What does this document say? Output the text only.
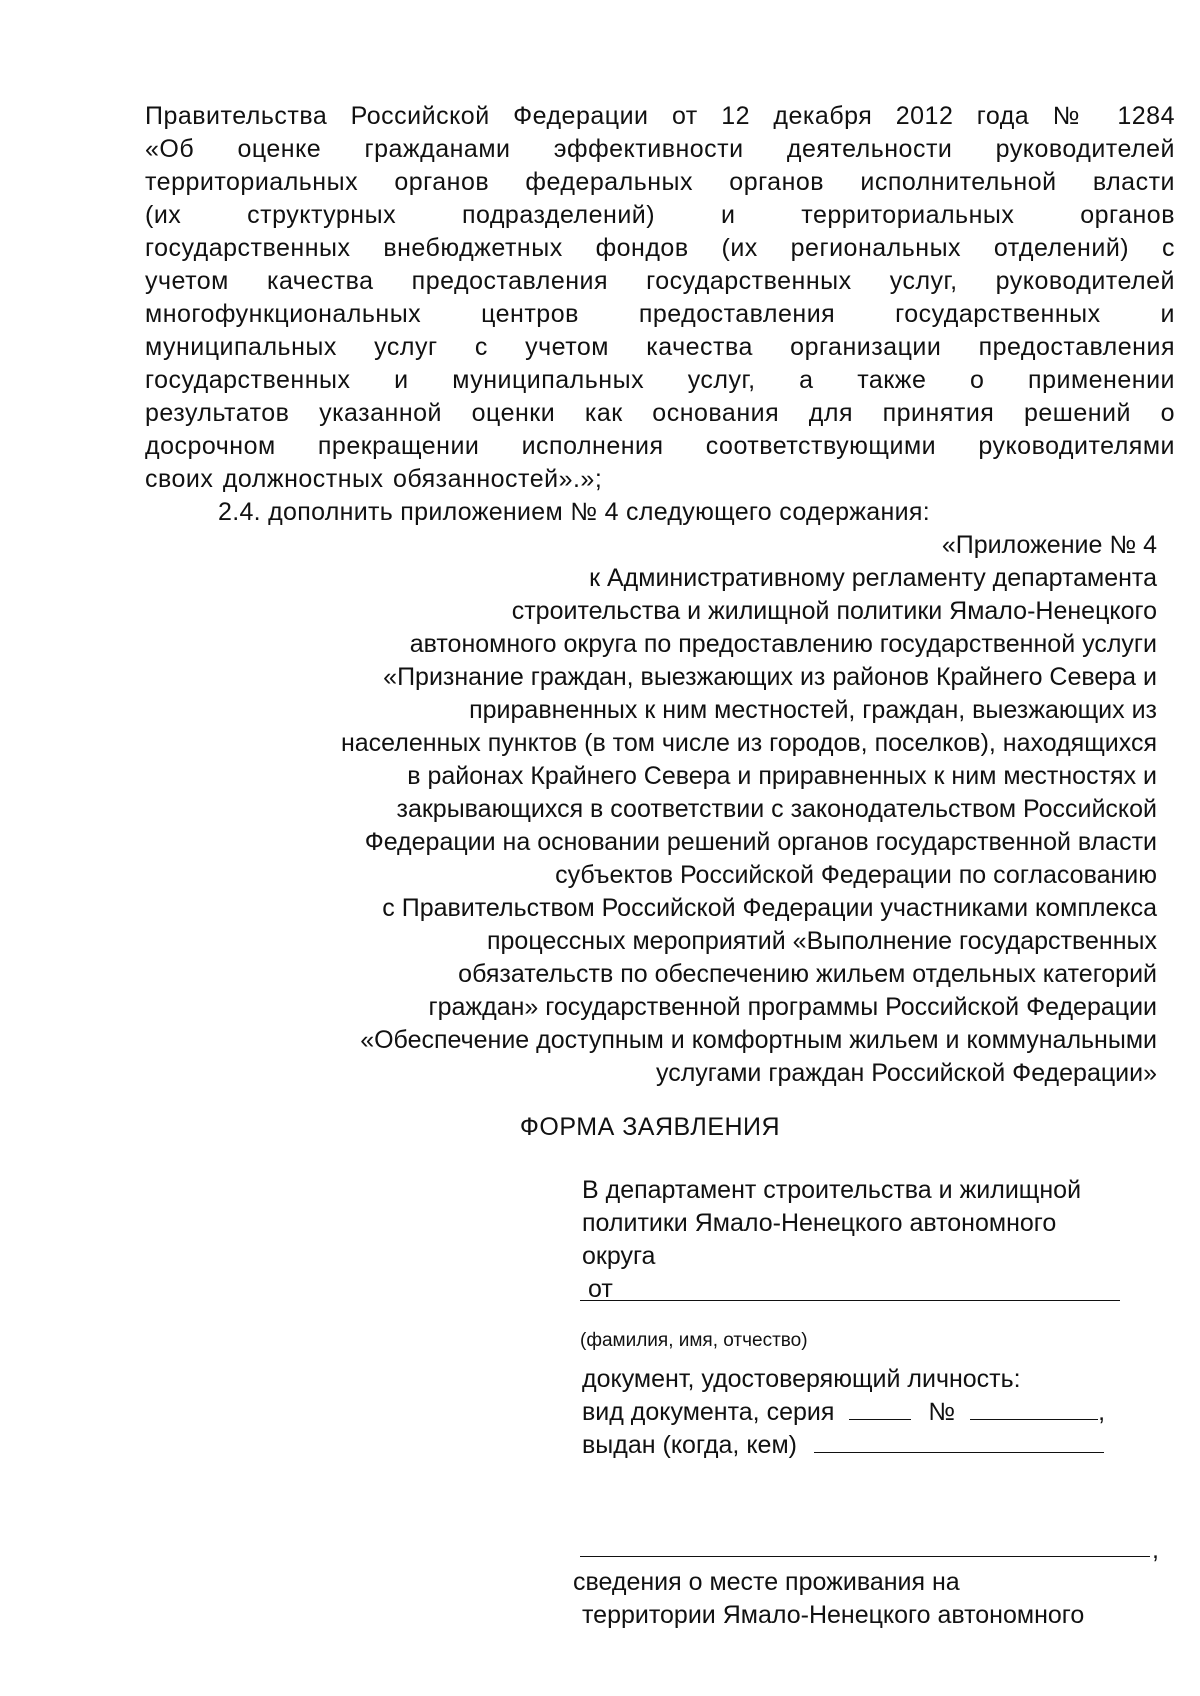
Правительства Российской Федерации от 12 декабря 2012 года № 1284
«Об оценке гражданами эффективности деятельности руководителей
территориальных органов федеральных органов исполнительной власти
(их структурных подразделений) и территориальных органов
государственных внебюджетных фондов (их региональных отделений) с
учетом качества предоставления государственных услуг, руководителей
многофункциональных центров предоставления государственных и
муниципальных услуг с учетом качества организации предоставления
государственных и муниципальных услуг, а также о применении
результатов указанной оценки как основания для принятия решений о
досрочном прекращении исполнения соответствующими руководителями
своих должностных обязанностей».»;
2.4. дополнить приложением № 4 следующего содержания:
«Приложение № 4
к Административному регламенту департамента
строительства и жилищной политики Ямало-Ненецкого
автономного округа по предоставлению государственной услуги
«Признание граждан, выезжающих из районов Крайнего Севера и
приравненных к ним местностей, граждан, выезжающих из
населенных пунктов (в том числе из городов, поселков), находящихся
в районах Крайнего Севера и приравненных к ним местностях и
закрывающихся в соответствии с законодательством Российской
Федерации на основании решений органов государственной власти
субъектов Российской Федерации по согласованию
с Правительством Российской Федерации участниками комплекса
процессных мероприятий «Выполнение государственных
обязательств по обеспечению жильем отдельных категорий
граждан» государственной программы Российской Федерации
«Обеспечение доступным и комфортным жильем и коммунальными
услугами граждан Российской Федерации»
ФОРМА ЗАЯВЛЕНИЯ
В департамент строительства и жилищной
политики Ямало-Ненецкого автономного
округа
от
(фамилия, имя, отчество)
документ, удостоверяющий личность:
вид документа, серия	№	,
выдан (когда, кем)
,
сведения о месте проживания на
территории Ямало-Ненецкого автономного
